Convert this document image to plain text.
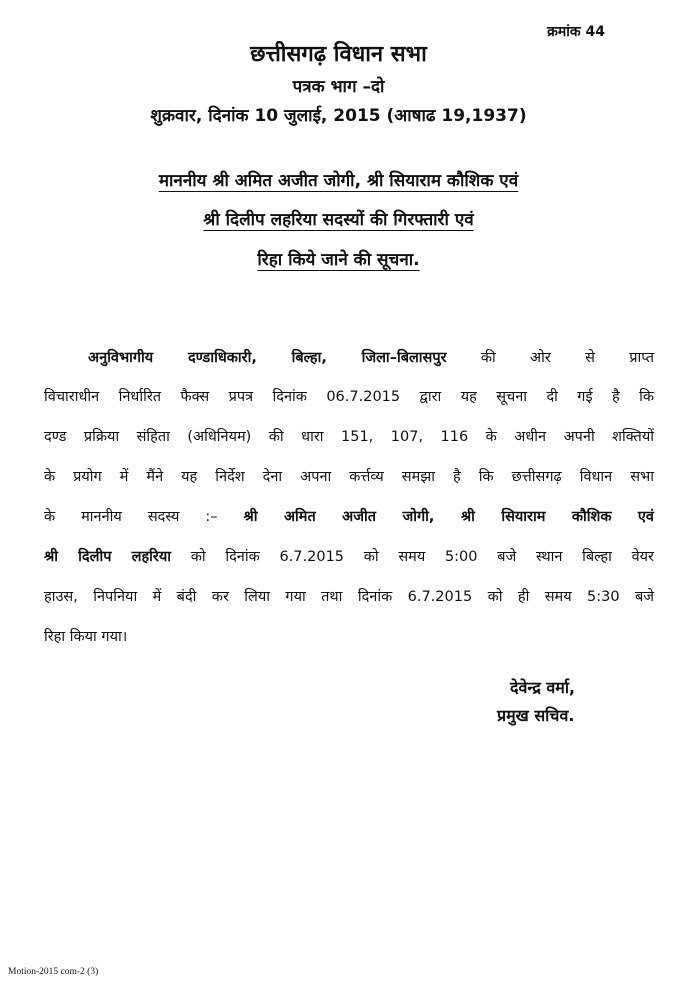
क्रमांक 44
छत्तीसगढ़ विधान सभा
पत्रक भाग –दो
शुक्रवार, दिनांक 10 जुलाई, 2015 (आषाढ 19,1937)
माननीय श्री अमित अजीत जोगी, श्री सियाराम कौशिक एवं
श्री दिलीप लहरिया सदस्यों की गिरफ्तारी एवं
रिहा किये जाने की सूचना.
अनुविभागीय दण्डाधिकारी, बिल्हा, जिला–बिलासपुर की ओर से प्राप्त
विचाराधीन निर्धारित फैक्स प्रपत्र दिनांक 06.7.2015 द्वारा यह सूचना दी गई है कि
दण्ड प्रक्रिया संहिता (अधिनियम) की धारा 151, 107, 116 के अधीन अपनी शक्तियों
के प्रयोग में मैंने यह निर्देश देना अपना कर्त्तव्य समझा है कि छत्तीसगढ़ विधान सभा
के माननीय सदस्य :– श्री अमित अजीत जोगी, श्री सियाराम कौशिक एवं
श्री दिलीप लहरिया को दिनांक 6.7.2015 को समय 5:00 बजे स्थान बिल्हा वेयर
हाउस, निपनिया में बंदी कर लिया गया तथा दिनांक 6.7.2015 को ही समय 5:30 बजे
रिहा किया गया।
देवेन्द्र वर्मा,
प्रमुख सचिव.
Motion-2015 com-2 (3)
